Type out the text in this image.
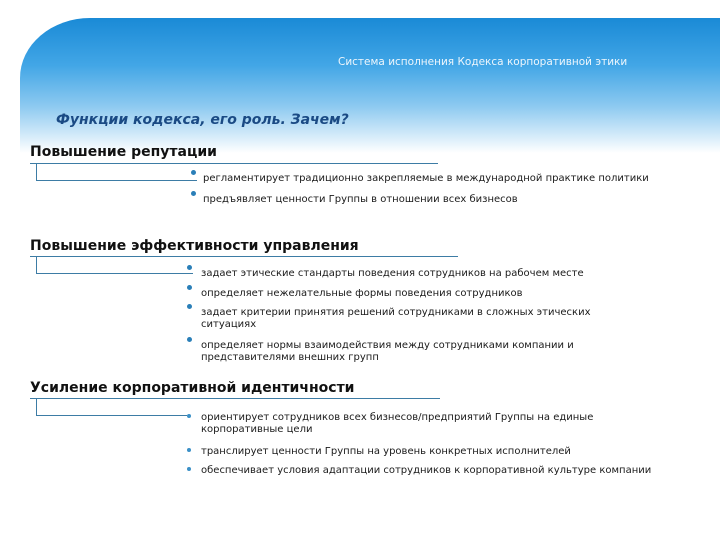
Система исполнения Кодекса корпоративной этики
Функции кодекса, его роль. Зачем?
Повышение репутации
регламентирует традиционно закрепляемые в международной практике политики
предъявляет ценности Группы в отношении всех бизнесов
Повышение эффективности управления
задает этические стандарты поведения сотрудников на рабочем месте
определяет нежелательные формы поведения сотрудников
задает критерии принятия решений сотрудниками в сложных этических ситуациях
определяет нормы взаимодействия между сотрудниками компании и представителями внешних групп
Усиление корпоративной идентичности
ориентирует сотрудников всех бизнесов/предприятий Группы на единые корпоративные цели
транслирует ценности Группы на уровень конкретных исполнителей
обеспечивает условия адаптации сотрудников к корпоративной культуре компании
